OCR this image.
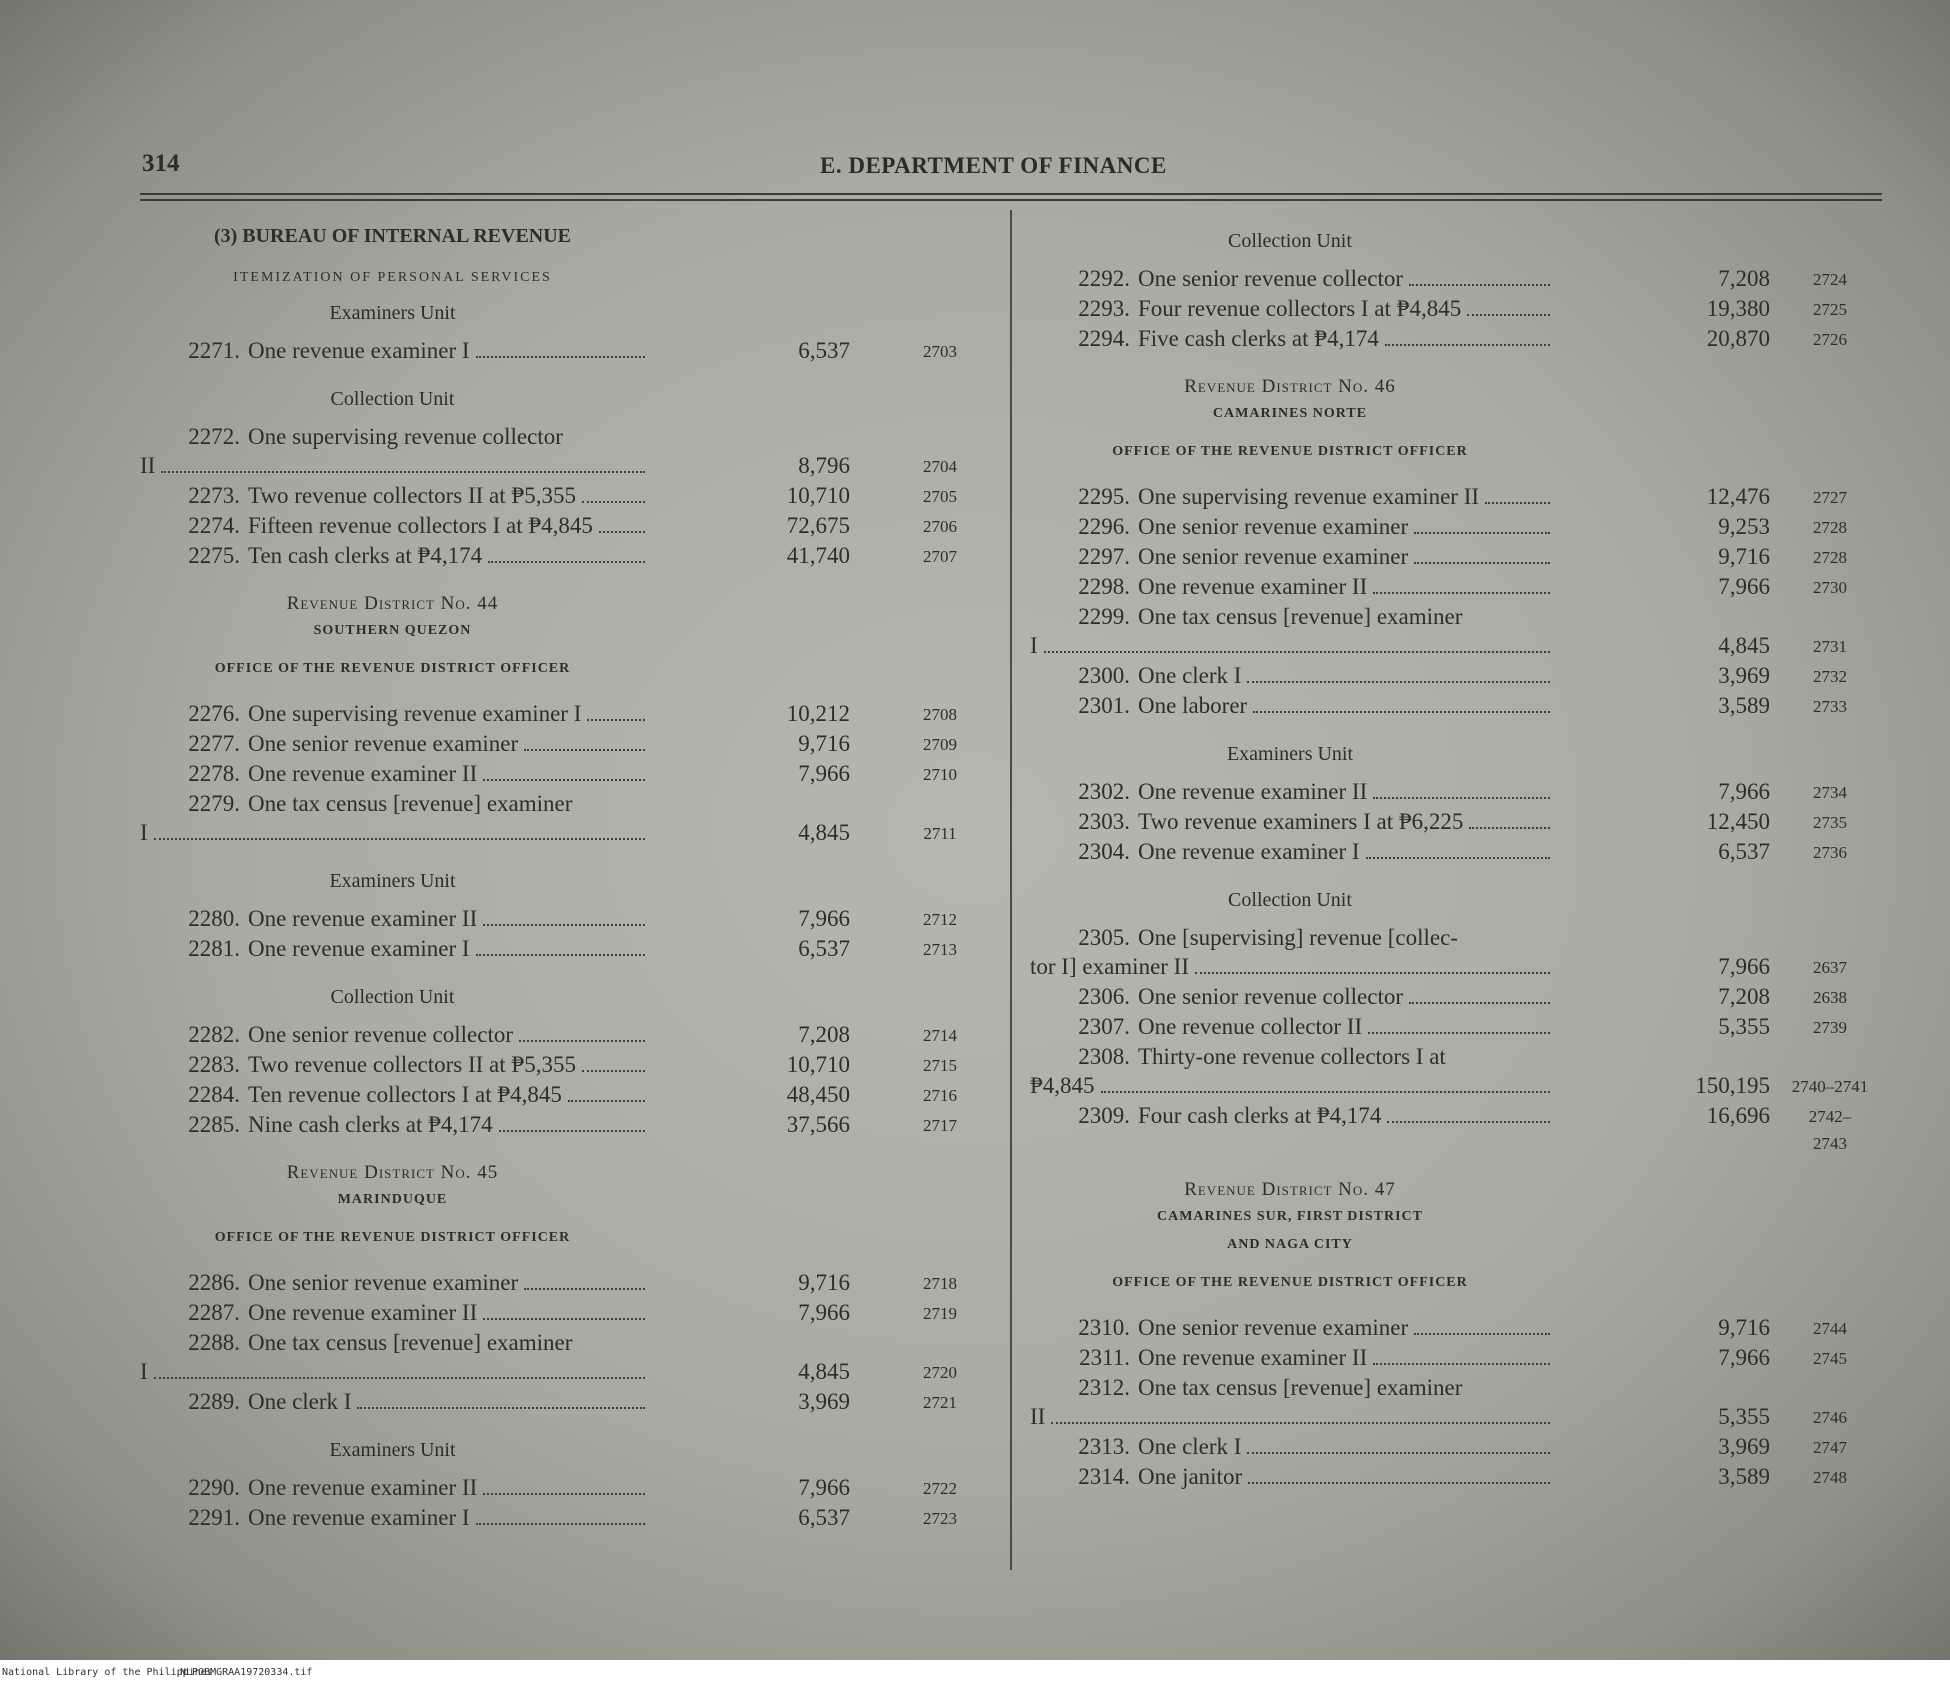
314	E. DEPARTMENT OF FINANCE
(3) BUREAU OF INTERNAL REVENUE
ITEMIZATION OF PERSONAL SERVICES
Examiners Unit
2271. One revenue examiner I	6,537	2703
Collection Unit
2272. One supervising revenue collector
II	8,796	2704
2273. Two revenue collectors II at ₱5,355	10,710	2705
2274. Fifteen revenue collectors I at ₱4,845	72,675	2706
2275. Ten cash clerks at ₱4,174	41,740	2707
Revenue District No. 44
SOUTHERN QUEZON
OFFICE OF THE REVENUE DISTRICT OFFICER
2276. One supervising revenue examiner I	10,212	2708
2277. One senior revenue examiner	9,716	2709
2278. One revenue examiner II	7,966	2710
2279. One tax census [revenue] examiner
I	4,845	2711
Examiners Unit
2280. One revenue examiner II	7,966	2712
2281. One revenue examiner I	6,537	2713
Collection Unit
2282. One senior revenue collector	7,208	2714
2283. Two revenue collectors II at ₱5,355	10,710	2715
2284. Ten revenue collectors I at ₱4,845	48,450	2716
2285. Nine cash clerks at ₱4,174	37,566	2717
Revenue District No. 45
MARINDUQUE
OFFICE OF THE REVENUE DISTRICT OFFICER
2286. One senior revenue examiner	9,716	2718
2287. One revenue examiner II	7,966	2719
2288. One tax census [revenue] examiner
I	4,845	2720
2289. One clerk I	3,969	2721
Examiners Unit
2290. One revenue examiner II	7,966	2722
2291. One revenue examiner I	6,537	2723
Collection Unit
2292. One senior revenue collector	7,208	2724
2293. Four revenue collectors I at ₱4,845	19,380	2725
2294. Five cash clerks at ₱4,174	20,870	2726
Revenue District No. 46
CAMARINES NORTE
OFFICE OF THE REVENUE DISTRICT OFFICER
2295. One supervising revenue examiner II	12,476	2727
2296. One senior revenue examiner	9,253	2728
2297. One senior revenue examiner	9,716	2728
2298. One revenue examiner II	7,966	2730
2299. One tax census [revenue] examiner
I	4,845	2731
2300. One clerk I	3,969	2732
2301. One laborer	3,589	2733
Examiners Unit
2302. One revenue examiner II	7,966	2734
2303. Two revenue examiners I at ₱6,225	12,450	2735
2304. One revenue examiner I	6,537	2736
Collection Unit
2305. One [supervising] revenue [collec-
tor I] examiner II	7,966	2637
2306. One senior revenue collector	7,208	2638
2307. One revenue collector II	5,355	2739
2308. Thirty-one revenue collectors I at
₱4,845	150,195	2740–2741
2309. Four cash clerks at ₱4,174	16,696	2742–
2743
Revenue District No. 47
CAMARINES SUR, FIRST DISTRICT
AND NAGA CITY
OFFICE OF THE REVENUE DISTRICT OFFICER
2310. One senior revenue examiner	9,716	2744
2311. One revenue examiner II	7,966	2745
2312. One tax census [revenue] examiner
II	5,355	2746
2313. One clerk I	3,969	2747
2314. One janitor	3,589	2748
National Library of the Philippines
NLPOBMGRAA19720334.tif
